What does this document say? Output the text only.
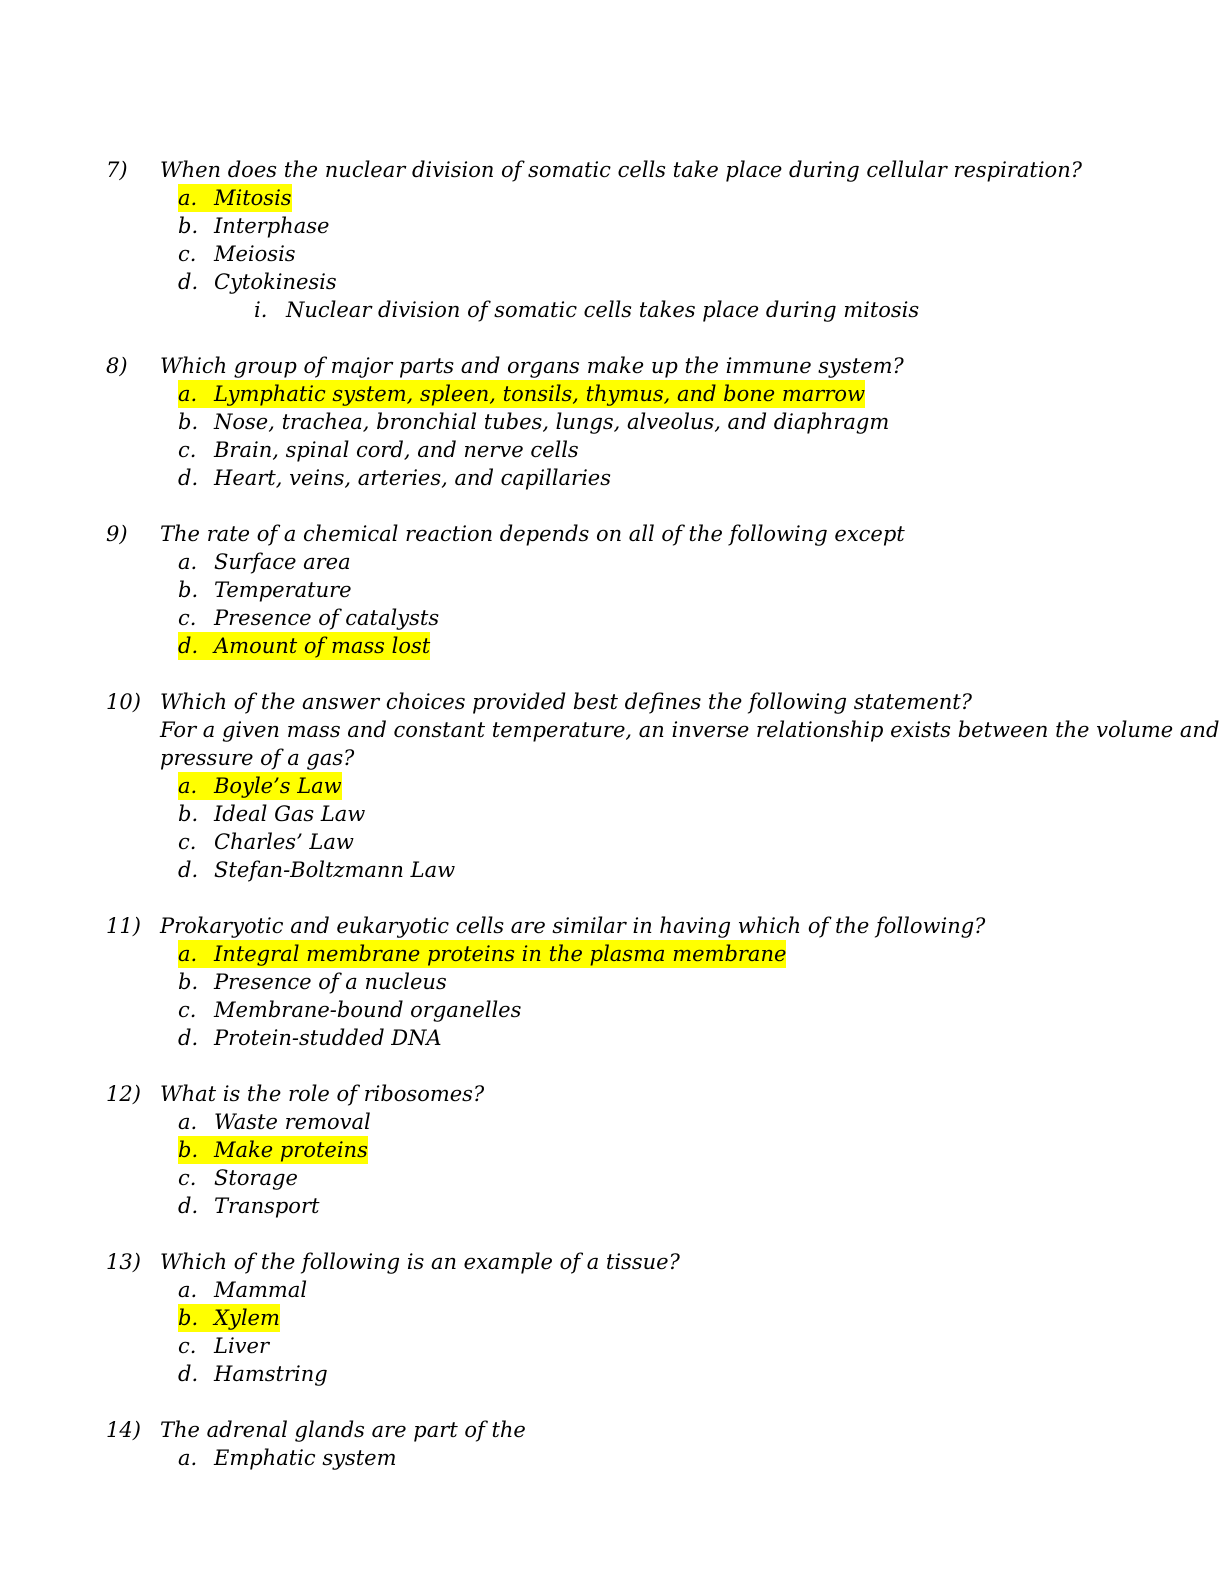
7) When does the nuclear division of somatic cells take place during cellular respiration?
a. Mitosis
b. Interphase
c. Meiosis
d. Cytokinesis
i. Nuclear division of somatic cells takes place during mitosis
8) Which group of major parts and organs make up the immune system?
a. Lymphatic system, spleen, tonsils, thymus, and bone marrow
b. Nose, trachea, bronchial tubes, lungs, alveolus, and diaphragm
c. Brain, spinal cord, and nerve cells
d. Heart, veins, arteries, and capillaries
9) The rate of a chemical reaction depends on all of the following except
a. Surface area
b. Temperature
c. Presence of catalysts
d. Amount of mass lost
10) Which of the answer choices provided best defines the following statement?
For a given mass and constant temperature, an inverse relationship exists between the volume and
pressure of a gas?
a. Boyle’s Law
b. Ideal Gas Law
c. Charles’ Law
d. Stefan-Boltzmann Law
11) Prokaryotic and eukaryotic cells are similar in having which of the following?
a. Integral membrane proteins in the plasma membrane
b. Presence of a nucleus
c. Membrane-bound organelles
d. Protein-studded DNA
12) What is the role of ribosomes?
a. Waste removal
b. Make proteins
c. Storage
d. Transport
13) Which of the following is an example of a tissue?
a. Mammal
b. Xylem
c. Liver
d. Hamstring
14) The adrenal glands are part of the
a. Emphatic system
